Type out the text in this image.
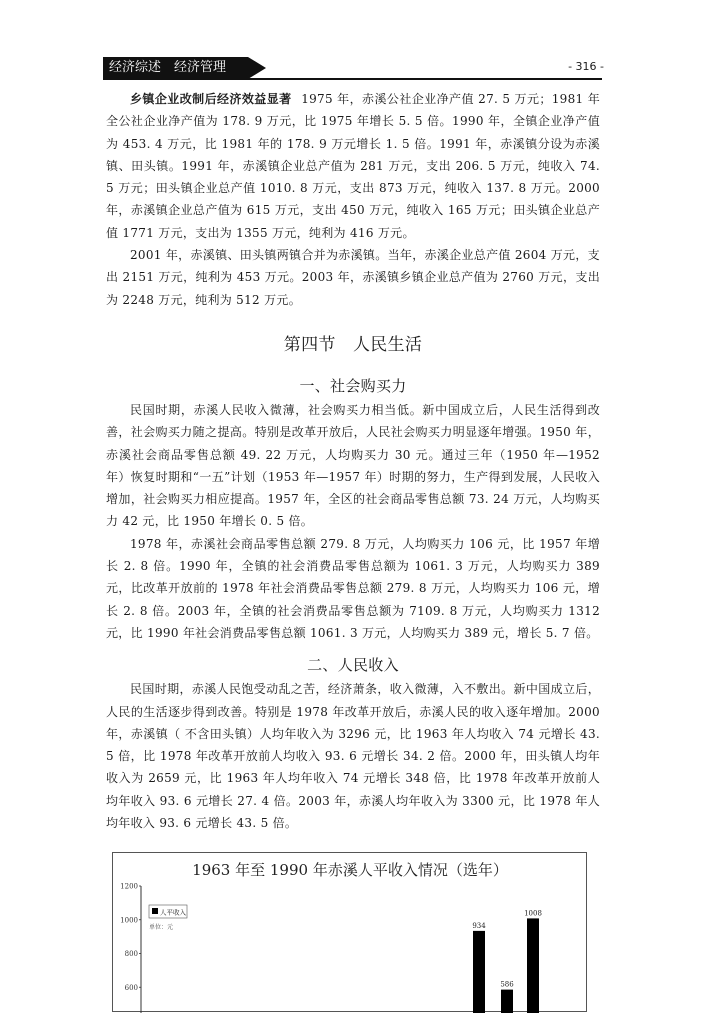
经济综述　经济管理	- 316 -

乡镇企业改制后经济效益显著 1975 年，赤溪公社企业净产值 27. 5 万元；1981 年全公社企业净产值为 178. 9 万元，比 1975 年增长 5. 5 倍。1990 年，全镇企业净产值为 453. 4 万元，比 1981 年的 178. 9 万元增长 1. 5 倍。1991 年，赤溪镇分设为赤溪镇、田头镇。1991 年，赤溪镇企业总产值为 281 万元，支出 206. 5 万元，纯收入 74. 5 万元；田头镇企业总产值 1010. 8 万元，支出 873 万元，纯收入 137. 8 万元。2000 年，赤溪镇企业总产值为 615 万元，支出 450 万元，纯收入 165 万元；田头镇企业总产值 1771 万元，支出为 1355 万元，纯利为 416 万元。

2001 年，赤溪镇、田头镇两镇合并为赤溪镇。当年，赤溪企业总产值 2604 万元，支出 2151 万元，纯利为 453 万元。2003 年，赤溪镇乡镇企业总产值为 2760 万元，支出为 2248 万元，纯利为 512 万元。

第四节　人民生活
一、社会购买力

民国时期，赤溪人民收入微薄，社会购买力相当低。新中国成立后，人民生活得到改善，社会购买力随之提高。特别是改革开放后，人民社会购买力明显逐年增强。1950 年，赤溪社会商品零售总额 49. 22 万元，人均购买力 30 元。通过三年（1950 年—1952 年）恢复时期和“一五”计划（1953 年—1957 年）时期的努力，生产得到发展，人民收入增加，社会购买力相应提高。1957 年，全区的社会商品零售总额 73. 24 万元，人均购买力 42 元，比 1950 年增长 0. 5 倍。

1978 年，赤溪社会商品零售总额 279. 8 万元，人均购买力 106 元，比 1957 年增长 2. 8 倍。1990 年，全镇的社会消费品零售总额为 1061. 3 万元，人均购买力 389 元，比改革开放前的 1978 年社会消费品零售总额 279. 8 万元，人均购买力 106 元，增长 2. 8 倍。2003 年，全镇的社会消费品零售总额为 7109. 8 万元，人均购买力 1312 元，比 1990 年社会消费品零售总额 1061. 3 万元，人均购买力 389 元，增长 5. 7 倍。

二、人民收入

民国时期，赤溪人民饱受动乱之苦，经济萧条，收入微薄，入不敷出。新中国成立后，人民的生活逐步得到改善。特别是 1978 年改革开放后，赤溪人民的收入逐年增加。2000 年，赤溪镇（ 不含田头镇）人均年收入为 3296 元，比 1963 年人均收入 74 元增长 43. 5 倍，比 1978 年改革开放前人均收入 93. 6 元增长 34. 2 倍。2000 年，田头镇人均年收入为 2659 元，比 1963 年人均年收入 74 元增长 348 倍，比 1978 年改革开放前人均年收入 93. 6 元增长 27. 4 倍。2003 年，赤溪人均年收入为 3300 元，比 1978 年人均年收入 93. 6 元增长 43. 5 倍。

1963 年至 1990 年赤溪人平收入情况（选年）
1200
1000
800
600
人平收入
单位：元	934
586
1008
